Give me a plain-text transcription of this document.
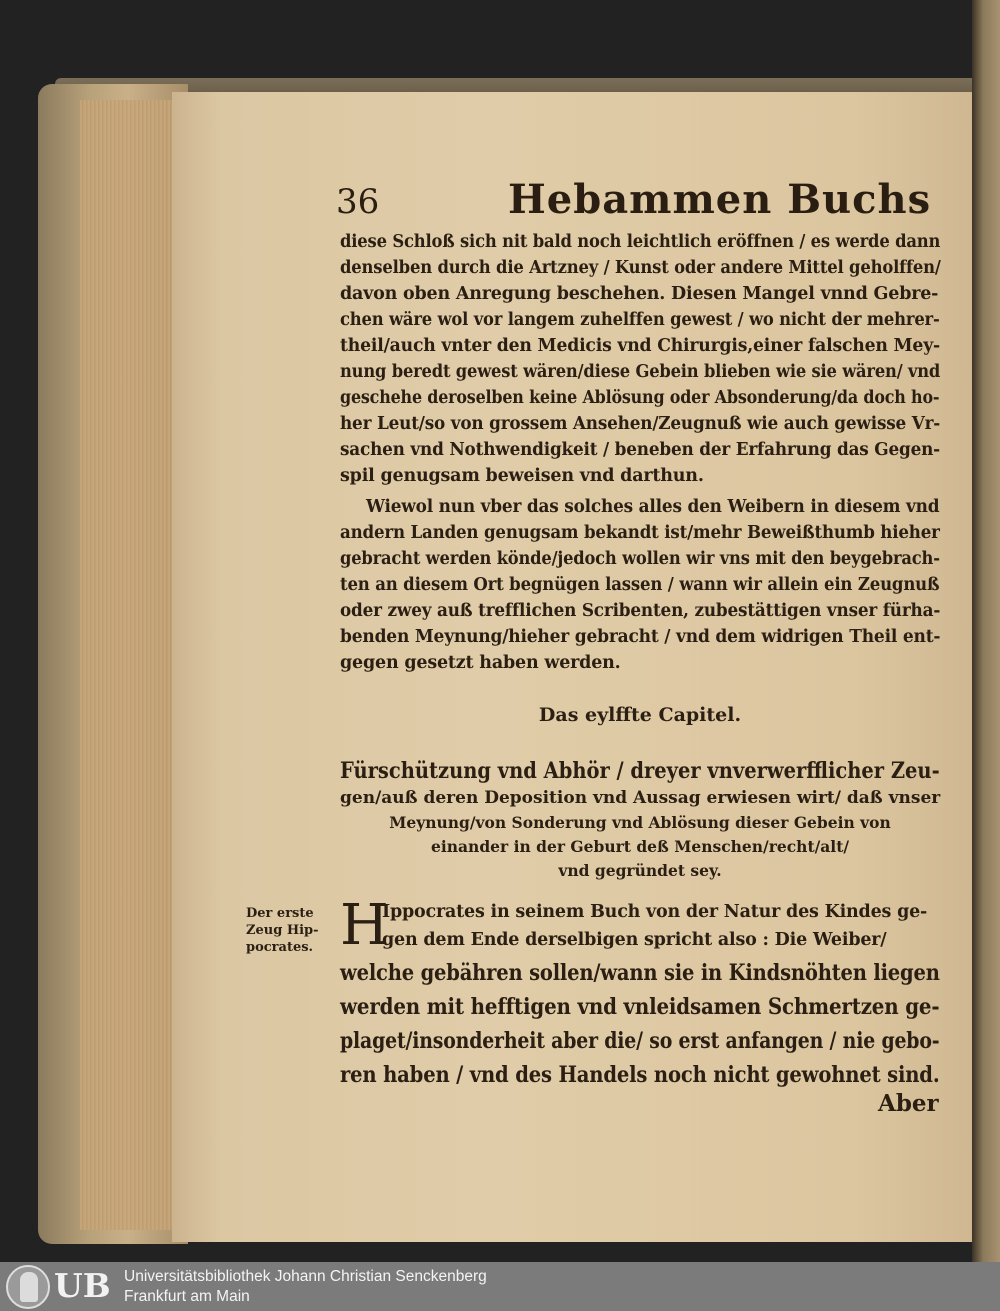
36	Hebammen Buchs
diese Schloß sich nit bald noch leichtlich eröffnen / es werde dann
denselben durch die Artzney / Kunst oder andere Mittel geholffen/
davon oben Anregung beschehen. Diesen Mangel vnnd Gebre-
chen wäre wol vor langem zuhelffen gewest / wo nicht der mehrer-
theil/auch vnter den Medicis vnd Chirurgis,einer falschen Mey-
nung beredt gewest wären/diese Gebein blieben wie sie wären/ vnd
geschehe deroselben keine Ablösung oder Absonderung/da doch ho-
her Leut/so von grossem Ansehen/Zeugnuß wie auch gewisse Vr-
sachen vnd Nothwendigkeit / beneben der Erfahrung das Gegen-
spil genugsam beweisen vnd darthun.
Wiewol nun vber das solches alles den Weibern in diesem vnd
andern Landen genugsam bekandt ist/mehr Beweißthumb hieher
gebracht werden könde/jedoch wollen wir vns mit den beygebrach-
ten an diesem Ort begnügen lassen / wann wir allein ein Zeugnuß
oder zwey auß trefflichen Scribenten, zubestättigen vnser fürha-
benden Meynung/hieher gebracht / vnd dem widrigen Theil ent-
gegen gesetzt haben werden.
Das eylffte Capitel.
Fürschützung vnd Abhör / dreyer vnverwerfflicher Zeu-
gen/auß deren Deposition vnd Aussag erwiesen wirt/ daß vnser
Meynung/von Sonderung vnd Ablösung dieser Gebein von
einander in der Geburt deß Menschen/recht/alt/
vnd gegründet sey.
Der erste
Zeug Hip-
pocrates. H
Ippocrates in seinem Buch von der Natur des Kindes ge-
gen dem Ende derselbigen spricht also : Die Weiber/
welche gebähren sollen/wann sie in Kindsnöhten liegen
werden mit hefftigen vnd vnleidsamen Schmertzen ge-
plaget/insonderheit aber die/ so erst anfangen / nie gebo-
ren haben / vnd des Handels noch nicht gewohnet sind.
Aber
UB Universitätsbibliothek Johann Christian Senckenberg
Frankfurt am Main
